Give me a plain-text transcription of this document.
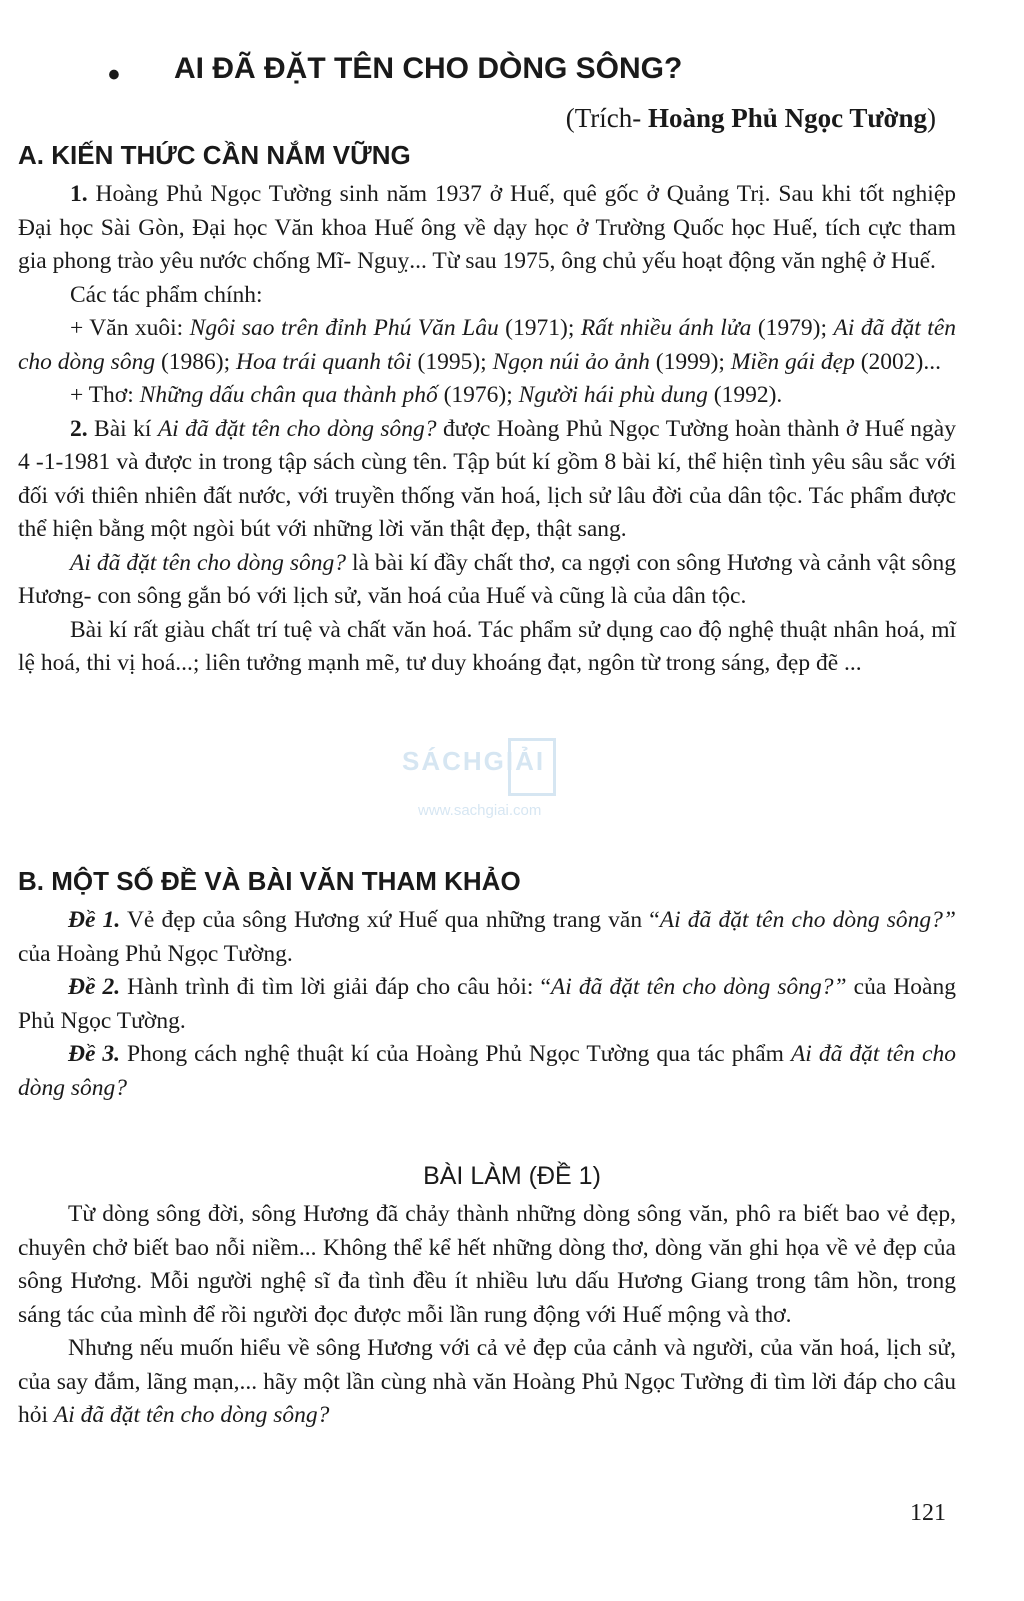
• AI ĐÃ ĐẶT TÊN CHO DÒNG SÔNG?
(Trích- Hoàng Phủ Ngọc Tường)
A. KIẾN THỨC CẦN NẮM VỮNG

1. Hoàng Phủ Ngọc Tường sinh năm 1937 ở Huế, quê gốc ở Quảng Trị. Sau khi tốt nghiệp Đại học Sài Gòn, Đại học Văn khoa Huế ông về dạy học ở Trường Quốc học Huế, tích cực tham gia phong trào yêu nước chống Mĩ- Nguỵ... Từ sau 1975, ông chủ yếu hoạt động văn nghệ ở Huế.

Các tác phẩm chính:

+ Văn xuôi: Ngôi sao trên đỉnh Phú Văn Lâu (1971); Rất nhiều ánh lửa (1979); Ai đã đặt tên cho dòng sông (1986); Hoa trái quanh tôi (1995); Ngọn núi ảo ảnh (1999); Miền gái đẹp (2002)...

+ Thơ: Những dấu chân qua thành phố (1976); Người hái phù dung (1992).

2. Bài kí Ai đã đặt tên cho dòng sông? được Hoàng Phủ Ngọc Tường hoàn thành ở Huế ngày 4 -1-1981 và được in trong tập sách cùng tên. Tập bút kí gồm 8 bài kí, thể hiện tình yêu sâu sắc với đối với thiên nhiên đất nước, với truyền thống văn hoá, lịch sử lâu đời của dân tộc. Tác phẩm được thể hiện bằng một ngòi bút với những lời văn thật đẹp, thật sang.

Ai đã đặt tên cho dòng sông? là bài kí đầy chất thơ, ca ngợi con sông Hương và cảnh vật sông Hương- con sông gắn bó với lịch sử, văn hoá của Huế và cũng là của dân tộc.

Bài kí rất giàu chất trí tuệ và chất văn hoá. Tác phẩm sử dụng cao độ nghệ thuật nhân hoá, mĩ lệ hoá, thi vị hoá...; liên tưởng mạnh mẽ, tư duy khoáng đạt, ngôn từ trong sáng, đẹp đẽ ...

B. MỘT SỐ ĐỀ VÀ BÀI VĂN THAM KHẢO

Đề 1. Vẻ đẹp của sông Hương xứ Huế qua những trang văn “Ai đã đặt tên cho dòng sông?” của Hoàng Phủ Ngọc Tường.

Đề 2. Hành trình đi tìm lời giải đáp cho câu hỏi: “Ai đã đặt tên cho dòng sông?” của Hoàng Phủ Ngọc Tường.

Đề 3. Phong cách nghệ thuật kí của Hoàng Phủ Ngọc Tường qua tác phẩm Ai đã đặt tên cho dòng sông?

BÀI LÀM (ĐỀ 1)

Từ dòng sông đời, sông Hương đã chảy thành những dòng sông văn, phô ra biết bao vẻ đẹp, chuyên chở biết bao nỗi niềm... Không thể kể hết những dòng thơ, dòng văn ghi họa về vẻ đẹp của sông Hương. Mỗi người nghệ sĩ đa tình đều ít nhiều lưu dấu Hương Giang trong tâm hồn, trong sáng tác của mình để rồi người đọc được mỗi lần rung động với Huế mộng và thơ.

Nhưng nếu muốn hiểu về sông Hương với cả vẻ đẹp của cảnh và người, của văn hoá, lịch sử, của say đắm, lãng mạn,... hãy một lần cùng nhà văn Hoàng Phủ Ngọc Tường đi tìm lời đáp cho câu hỏi Ai đã đặt tên cho dòng sông?

SÁCHGIẢI
www.sachgiai.com
121
